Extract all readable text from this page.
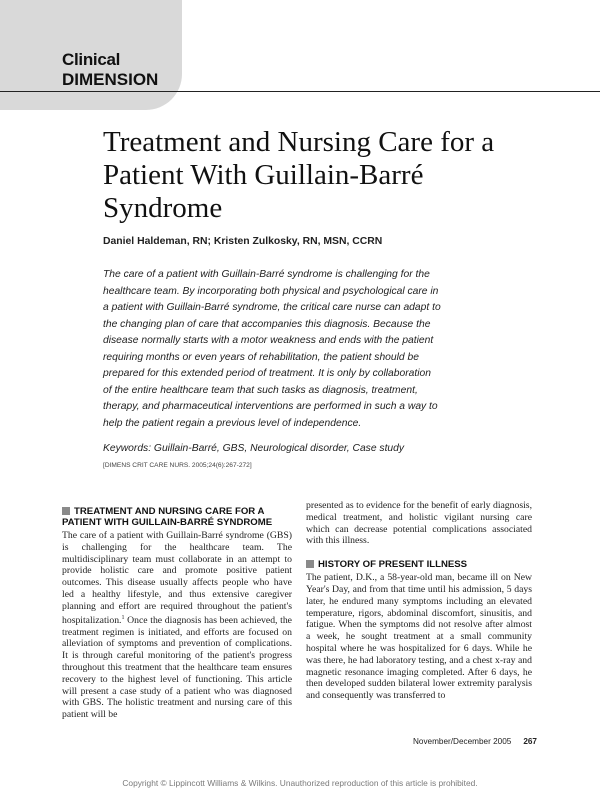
Clinical
DIMENSION
Treatment and Nursing Care for a Patient With Guillain-Barré Syndrome
Daniel Haldeman, RN; Kristen Zulkosky, RN, MSN, CCRN
The care of a patient with Guillain-Barré syndrome is challenging for the healthcare team. By incorporating both physical and psychological care in a patient with Guillain-Barré syndrome, the critical care nurse can adapt to the changing plan of care that accompanies this diagnosis. Because the disease normally starts with a motor weakness and ends with the patient requiring months or even years of rehabilitation, the patient should be prepared for this extended period of treatment. It is only by collaboration of the entire healthcare team that such tasks as diagnosis, treatment, therapy, and pharmaceutical interventions are performed in such a way to help the patient regain a previous level of independence.
Keywords: Guillain-Barré, GBS, Neurological disorder, Case study
[DIMENS CRIT CARE NURS. 2005;24(6):267-272]
TREATMENT AND NURSING CARE FOR A PATIENT WITH GUILLAIN-BARRÉ SYNDROME

The care of a patient with Guillain-Barré syndrome (GBS) is challenging for the healthcare team. The multidisciplinary team must collaborate in an attempt to provide holistic care and promote positive patient outcomes. This disease usually affects people who have led a healthy lifestyle, and thus extensive caregiver planning and effort are required throughout the patient's hospitalization.$^1$ Once the diagnosis has been achieved, the treatment regimen is initiated, and efforts are focused on alleviation of symptoms and prevention of complications. It is through careful monitoring of the patient's progress throughout this treatment that the healthcare team ensures recovery to the highest level of functioning. This article will present a case study of a patient who was diagnosed with GBS. The holistic treatment and nursing care of this patient will be

presented as to evidence for the benefit of early diagnosis, medical treatment, and holistic vigilant nursing care which can decrease potential complications associated with this illness.

HISTORY OF PRESENT ILLNESS

The patient, D.K., a 58-year-old man, became ill on New Year's Day, and from that time until his admission, 5 days later, he endured many symptoms including an elevated temperature, rigors, abdominal discomfort, sinusitis, and fatigue. When the symptoms did not resolve after almost a week, he sought treatment at a small community hospital where he was hospitalized for 6 days. While he was there, he had laboratory testing, and a chest x-ray and magnetic resonance imaging completed. After 6 days, he then developed sudden bilateral lower extremity paralysis and consequently was transferred to

November/December 2005 267
Copyright © Lippincott Williams & Wilkins. Unauthorized reproduction of this article is prohibited.
